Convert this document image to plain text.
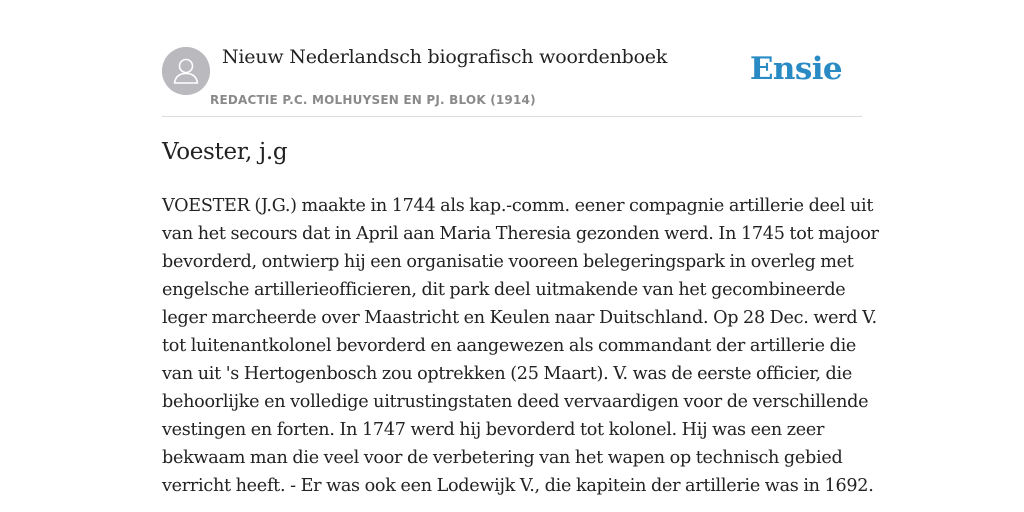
Nieuw Nederlandsch biografisch woordenboek
REDACTIE P.C. MOLHUYSEN EN PJ. BLOK (1914)
Ensie
Voester, j.g

VOESTER (J.G.) maakte in 1744 als kap.-comm. eener compagnie artillerie deel uit
van het secours dat in April aan Maria Theresia gezonden werd. In 1745 tot majoor
bevorderd, ontwierp hij een organisatie vooreen belegeringspark in overleg met
engelsche artillerieofficieren, dit park deel uitmakende van het gecombineerde
leger marcheerde over Maastricht en Keulen naar Duitschland. Op 28 Dec. werd V.
tot luitenantkolonel bevorderd en aangewezen als commandant der artillerie die
van uit 's Hertogenbosch zou optrekken (25 Maart). V. was de eerste officier, die
behoorlijke en volledige uitrustingstaten deed vervaardigen voor de verschillende
vestingen en forten. In 1747 werd hij bevorderd tot kolonel. Hij was een zeer
bekwaam man die veel voor de verbetering van het wapen op technisch gebied
verricht heeft. - Er was ook een Lodewijk V., die kapitein der artillerie was in 1692.
